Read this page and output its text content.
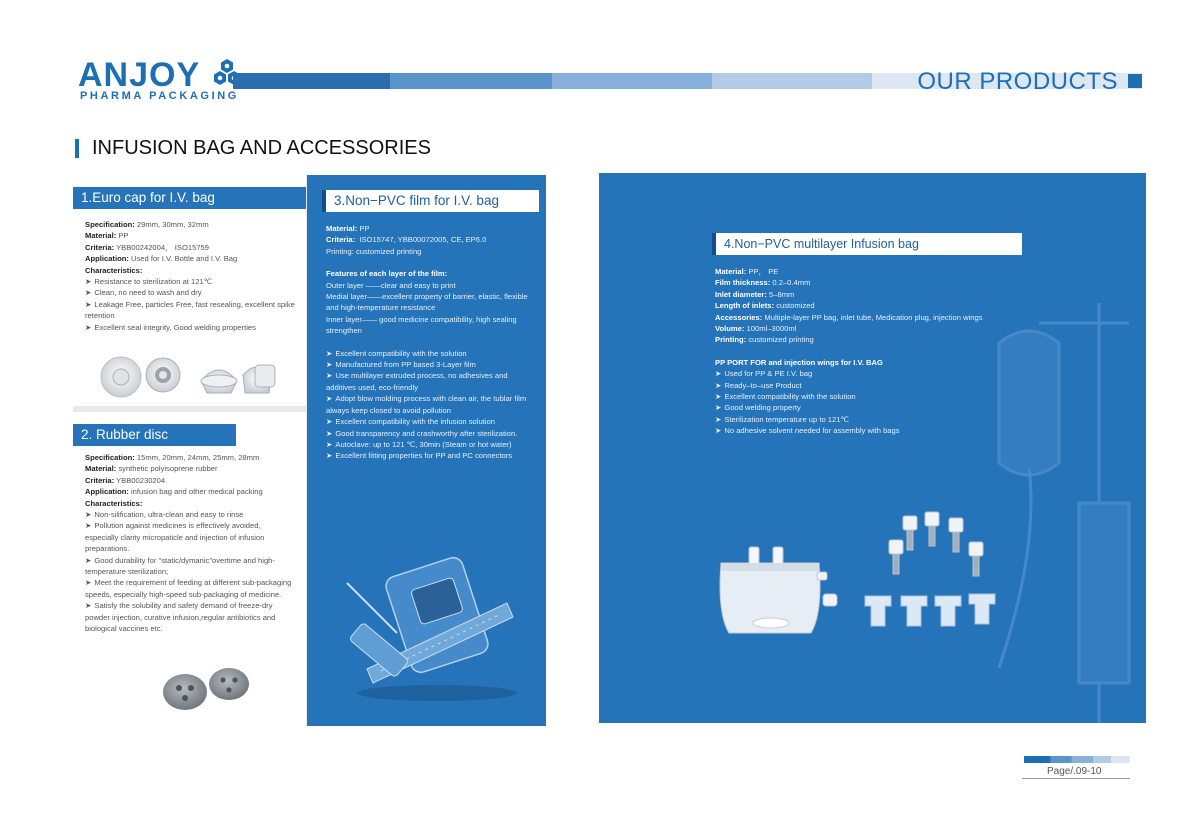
ANJOY
PHARMA PACKAGING
OUR PRODUCTS
INFUSION BAG AND ACCESSORIES
1.Euro cap for I.V. bag
Specification: 29mm, 30mm, 32mm
Material: PP
Criteria: YBB00242004， ISO15759
Application: Used for I.V. Bottle and I.V. Bag
Characteristics:
➤ Resistance to sterilization at 121℃
➤ Clean, no need to wash and dry
➤ Leakage Free, particles Free, fast resealing, excellent spike retention
➤ Excellent seal integrity, Good welding properties
2. Rubber disc
Specification: 15mm, 20mm, 24mm, 25mm, 28mm
Material: synthetic polyisoprene rubber
Criteria: YBB00230204
Application: infusion bag and other medical packing
Characteristics:
➤ Non-silification, ultra-clean and easy to rinse
➤ Pollution against medicines is effectively avoided, especially clarity micropaticle and injection of infusion preparations.
➤ Good durability for "static/dymanic"overtime and high-temperature sterilization;
➤ Meet the requirement of feeding at different sub-packaging speeds, especially high-speed sub-packaging of medicine.
➤ Satisfy the solubility and safety demand of freeze-dry powder injection, curative infusion,regular antibiotics and biological vaccines etc.
3.Non−PVC film for I.V. bag
Material: PP
Criteria: ISO15747, YBB00072005, CE, EP6.0
Printing: customized printing
Features of each layer of the film:
Outer layer ——clear and easy to print
Medial layer——excellent property of barrier, elastic, flexible and high-temperature resistance
Inner layer—— good medicine compatibility, high sealing strengthen
➤ Excellent compatibility with the solution
➤ Manufactured from PP based 3-Layer film
➤ Use multilayer extruded process, no adhesives and additives used, eco-friendly
➤ Adopt blow molding process with clean air, the tublar film always keep closed to avoid pollution
➤ Excellent compatibility with the infusion solution
➤ Good transparency and crashworthy after sterilization.
➤ Autoclave: up to 121 ℃, 30min (Steam or hot water)
➤ Excellent fitting properties for PP and PC connectors
4.Non−PVC multilayer Infusion bag
Material: PP， PE
Film thickness: 0.2–0.4mm
Inlet diameter: 5–8mm
Length of inlets: customized
Accessories: Multiple-layer PP bag, inlet tube, Medication plug, injection wings
Volume: 100ml–3000ml
Printing: customized printing
PP PORT FOR and injection wings for I.V. BAG
➤ Used for PP & PE I.V. bag
➤ Ready–to–use Product
➤ Excellent compatibility with the solution
➤ Good welding property
➤ Sterilization temperature up to 121℃
➤ No adhesive solvent needed for assembly with bags
Page/.09-10
